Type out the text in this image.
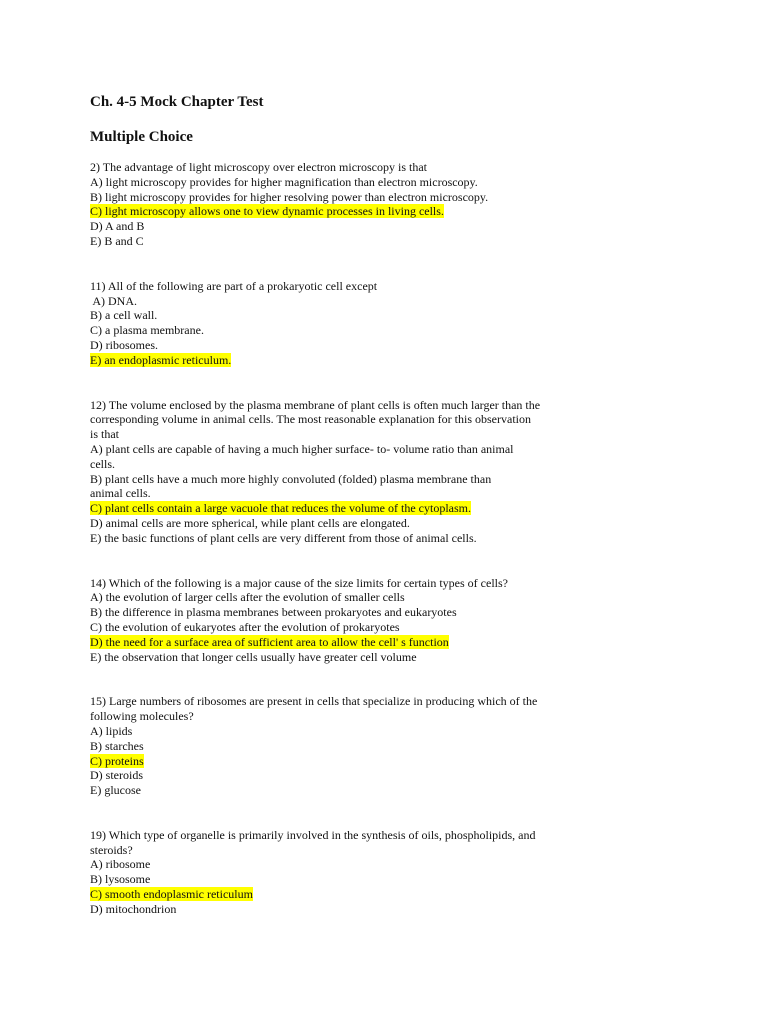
Ch. 4-5 Mock Chapter Test
Multiple Choice
2) The advantage of light microscopy over electron microscopy is that
A) light microscopy provides for higher magnification than electron microscopy.
B) light microscopy provides for higher resolving power than electron microscopy.
C) light microscopy allows one to view dynamic processes in living cells.
D) A and B
E) B and C
11) All of the following are part of a prokaryotic cell except
A) DNA.
B) a cell wall.
C) a plasma membrane.
D) ribosomes.
E) an endoplasmic reticulum.
12) The volume enclosed by the plasma membrane of plant cells is often much larger than the
corresponding volume in animal cells. The most reasonable explanation for this observation
is that
A) plant cells are capable of having a much higher surface- to- volume ratio than animal
cells.
B) plant cells have a much more highly convoluted (folded) plasma membrane than
animal cells.
C) plant cells contain a large vacuole that reduces the volume of the cytoplasm.
D) animal cells are more spherical, while plant cells are elongated.
E) the basic functions of plant cells are very different from those of animal cells.
14) Which of the following is a major cause of the size limits for certain types of cells?
A) the evolution of larger cells after the evolution of smaller cells
B) the difference in plasma membranes between prokaryotes and eukaryotes
C) the evolution of eukaryotes after the evolution of prokaryotes
D) the need for a surface area of sufficient area to allow the cell' s function
E) the observation that longer cells usually have greater cell volume
15) Large numbers of ribosomes are present in cells that specialize in producing which of the
following molecules?
A) lipids
B) starches
C) proteins
D) steroids
E) glucose
19) Which type of organelle is primarily involved in the synthesis of oils, phospholipids, and
steroids?
A) ribosome
B) lysosome
C) smooth endoplasmic reticulum
D) mitochondrion
